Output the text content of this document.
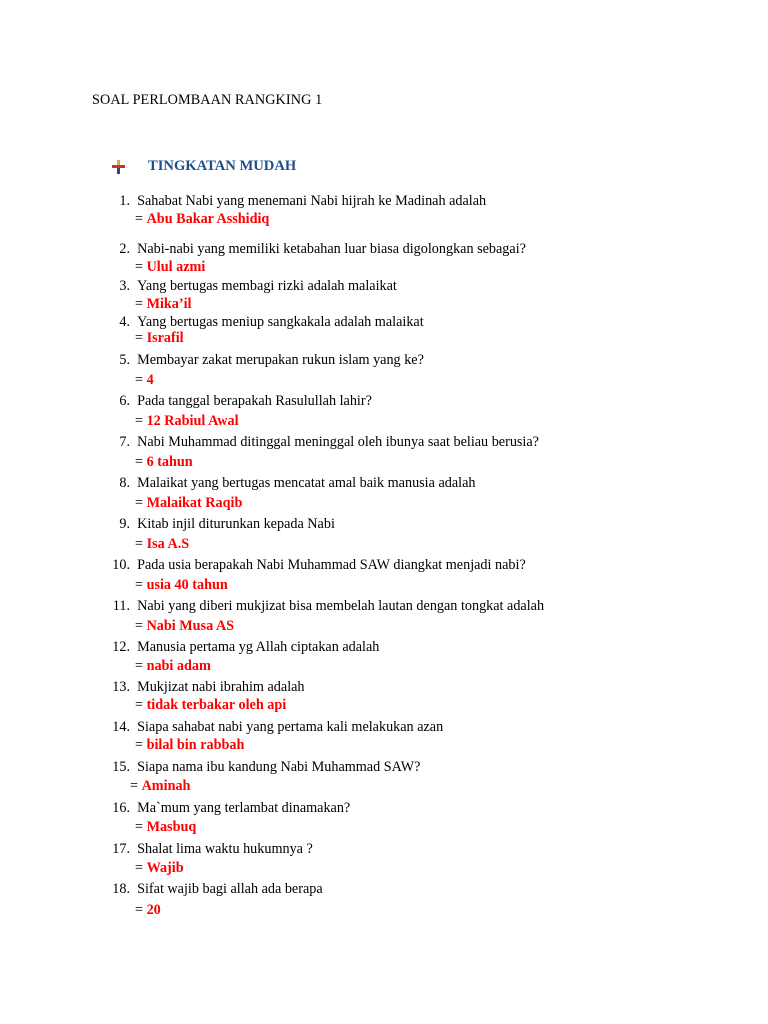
SOAL PERLOMBAAN RANGKING 1
TINGKATAN MUDAH
1.  Sahabat Nabi yang menemani Nabi hijrah ke Madinah adalah
= Abu Bakar Asshidiq
2.  Nabi-nabi yang memiliki ketabahan luar biasa digolongkan sebagai?
= Ulul azmi
3.  Yang bertugas membagi rizki adalah malaikat
= Mika’il
4.  Yang bertugas meniup sangkakala adalah malaikat
= Israfil
5.  Membayar zakat merupakan rukun islam yang ke?
= 4
6.  Pada tanggal berapakah Rasulullah lahir?
= 12 Rabiul Awal
7.  Nabi Muhammad ditinggal meninggal oleh ibunya saat beliau berusia?
= 6 tahun
8.  Malaikat yang bertugas mencatat amal baik manusia adalah
= Malaikat Raqib
9.  Kitab injil diturunkan kepada Nabi
= Isa A.S
10.  Pada usia berapakah Nabi Muhammad SAW diangkat menjadi nabi?
= usia 40 tahun
11.  Nabi yang diberi mukjizat bisa membelah lautan dengan tongkat adalah
= Nabi Musa AS
12.  Manusia pertama yg Allah ciptakan adalah
= nabi adam
13.  Mukjizat nabi ibrahim adalah
= tidak terbakar oleh api
14.  Siapa sahabat nabi yang pertama kali melakukan azan
= bilal bin rabbah
15.  Siapa nama ibu kandung Nabi Muhammad SAW?
= Aminah
16.  Ma`mum yang terlambat dinamakan?
= Masbuq
17.  Shalat lima waktu hukumnya ?
= Wajib
18.  Sifat wajib bagi allah ada berapa
= 20
